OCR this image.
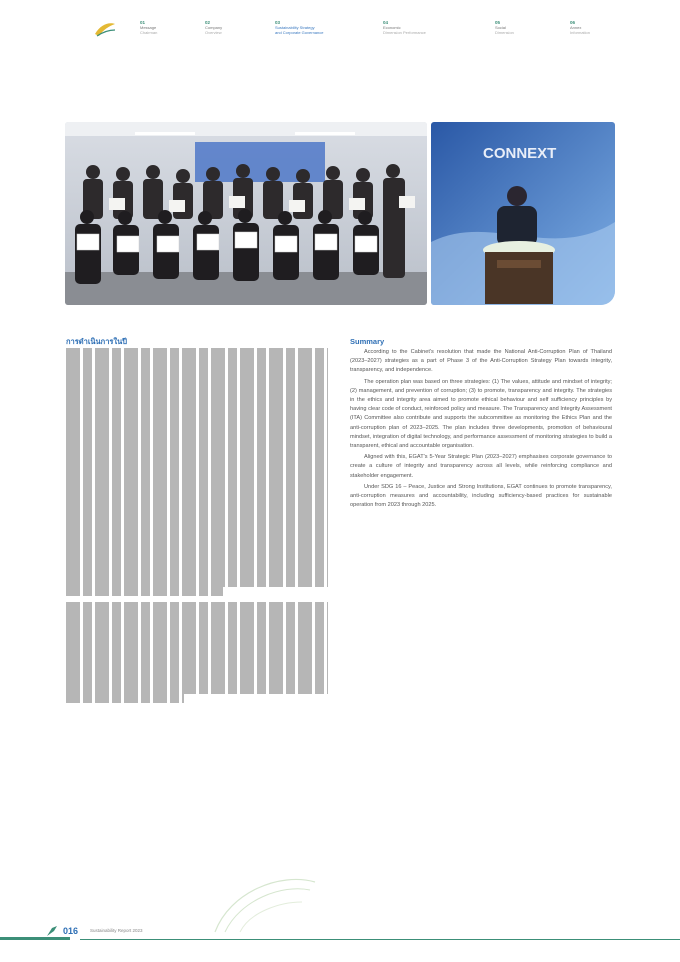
01
Message
Chairman
02
Company
Overview
03
Sustainability Strategy
and Corporate Governance
04
Economic
Dimension Performance
05
Social
Dimension
06
Annex
Information
CONNEXT
การดำเนินการในปี	Summary

According to the Cabinet's resolution that made the National Anti-Corruption Plan of Thailand (2023–2027) strategies as a part of Phase 3 of the Anti-Corruption Strategy Plan towards integrity, transparency, and independence.

The operation plan was based on three strategies: (1) The values, attitude and mindset of integrity; (2) management, and prevention of corruption; (3) to promote, transparency and integrity. The strategies in the ethics and integrity area aimed to promote ethical behaviour and self sufficiency principles by having clear code of conduct, reinforced policy and measure. The Transparency and Integrity Assessment (ITA) Committee also contribute and supports the subcommittee as monitoring the Ethics Plan and the anti-corruption plan of 2023–2025. The plan includes three developments, promotion of behavioural mindset, integration of digital technology, and performance assessment of monitoring strategies to build a transparent, ethical and accountable organisation.

Aligned with this, EGAT's 5-Year Strategic Plan (2023–2027) emphasises corporate governance to create a culture of integrity and transparency across all levels, while reinforcing compliance and stakeholder engagement.

Under SDG 16 – Peace, Justice and Strong Institutions, EGAT continues to promote transparency, anti-corruption measures and accountability, including sufficiency-based practices for sustainable operation from 2023 through 2025.

016	Sustainability Report 2023
